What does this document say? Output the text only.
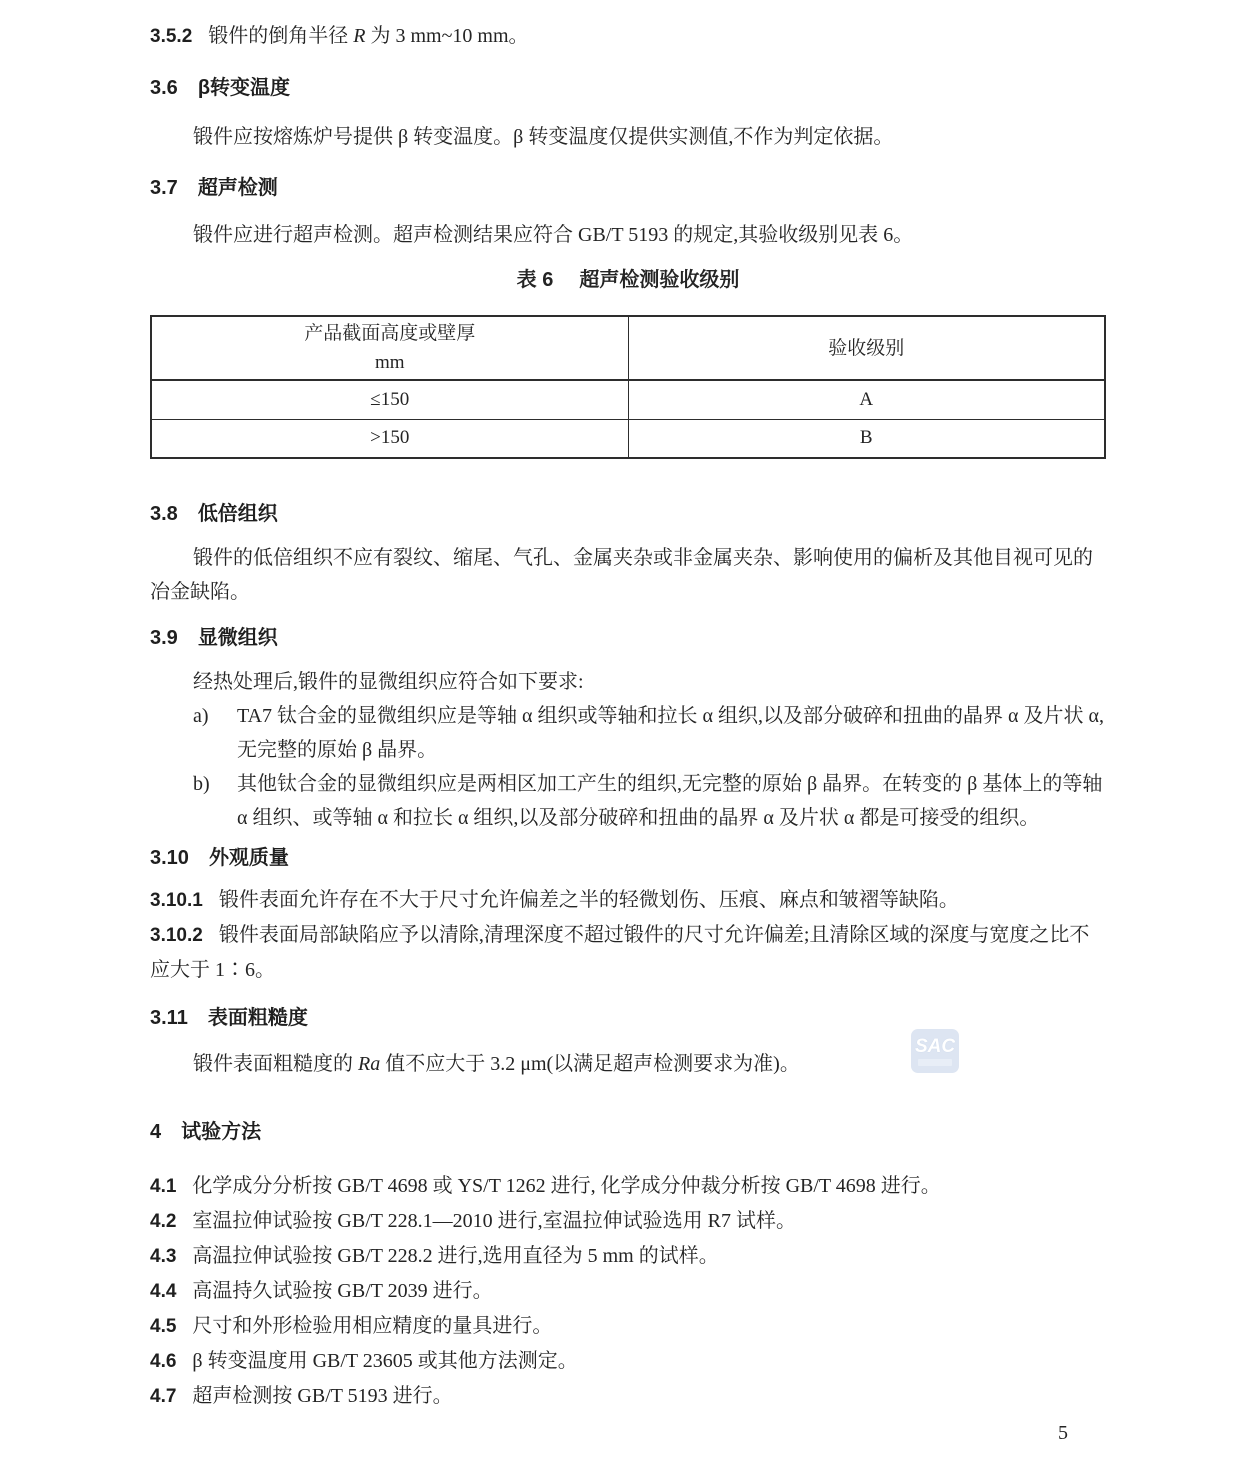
3.5.2 锻件的倒角半径 R 为 3 mm~10 mm。
3.6 β转变温度
锻件应按熔炼炉号提供 β 转变温度。β 转变温度仅提供实测值,不作为判定依据。
3.7 超声检测
锻件应进行超声检测。超声检测结果应符合 GB/T 5193 的规定,其验收级别见表 6。
表 6 超声检测验收级别
产品截面高度或壁厚
mm	验收级别
≤150	A
>150	B
3.8 低倍组织
锻件的低倍组织不应有裂纹、缩尾、气孔、金属夹杂或非金属夹杂、影响使用的偏析及其他目视可见的冶金缺陷。
3.9 显微组织
经热处理后,锻件的显微组织应符合如下要求:
a) TA7 钛合金的显微组织应是等轴 α 组织或等轴和拉长 α 组织,以及部分破碎和扭曲的晶界 α 及片状 α,无完整的原始 β 晶界。
b) 其他钛合金的显微组织应是两相区加工产生的组织,无完整的原始 β 晶界。在转变的 β 基体上的等轴 α 组织、或等轴 α 和拉长 α 组织,以及部分破碎和扭曲的晶界 α 及片状 α 都是可接受的组织。
3.10 外观质量
3.10.1 锻件表面允许存在不大于尺寸允许偏差之半的轻微划伤、压痕、麻点和皱褶等缺陷。
3.10.2 锻件表面局部缺陷应予以清除,清理深度不超过锻件的尺寸允许偏差;且清除区域的深度与宽度之比不应大于 1∶6。
3.11 表面粗糙度
锻件表面粗糙度的 Ra 值不应大于 3.2 μm(以满足超声检测要求为准)。
4 试验方法
4.1 化学成分分析按 GB/T 4698 或 YS/T 1262 进行, 化学成分仲裁分析按 GB/T 4698 进行。
4.2 室温拉伸试验按 GB/T 228.1—2010 进行,室温拉伸试验选用 R7 试样。
4.3 高温拉伸试验按 GB/T 228.2 进行,选用直径为 5 mm 的试样。
4.4 高温持久试验按 GB/T 2039 进行。
4.5 尺寸和外形检验用相应精度的量具进行。
4.6 β 转变温度用 GB/T 23605 或其他方法测定。
4.7 超声检测按 GB/T 5193 进行。
SAC
5
